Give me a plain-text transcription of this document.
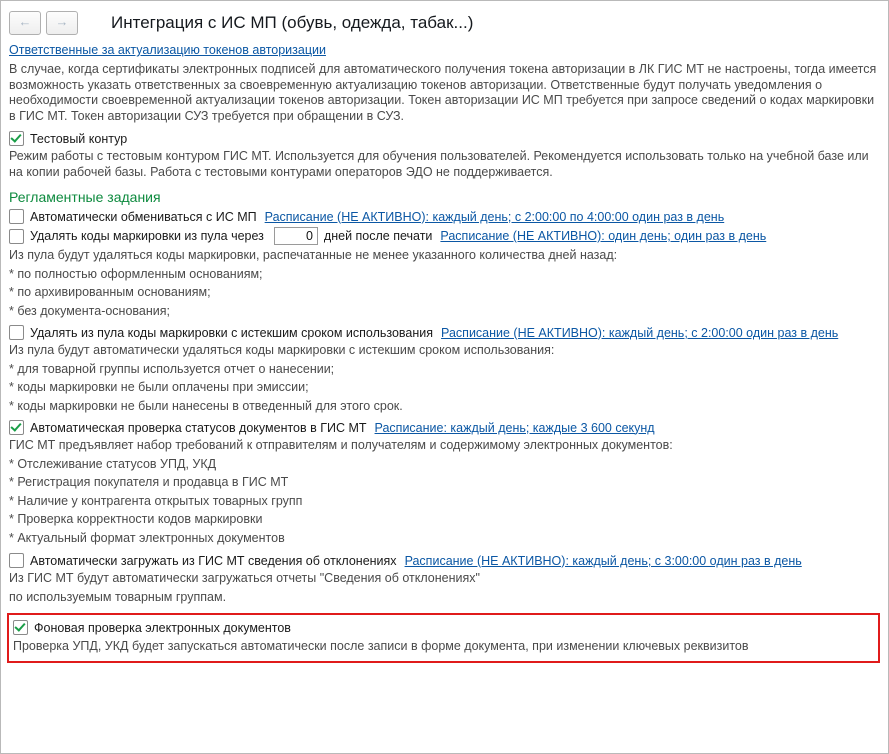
←	→	Интеграция с ИС МП (обувь, одежда, табак...)
Ответственные за актуализацию токенов авторизации
В случае, когда сертификаты электронных подписей для автоматического получения токена авторизации в ЛК ГИС МТ не настроены, тогда имеется возможность указать ответственных за своевременную актуализацию токенов авторизации. Ответственные будут получать уведомления о необходимости своевременной актуализации токенов авторизации. Токен авторизации ИС МП требуется при запросе сведений о кодах маркировки в ГИС МТ. Токен авторизации СУЗ требуется при обращении в СУЗ.
Тестовый контур
Режим работы с тестовым контуром ГИС МТ. Используется для обучения пользователей. Рекомендуется использовать только на учебной базе или на копии рабочей базы. Работа с тестовыми контурами операторов ЭДО не поддерживается.
Регламентные задания
Автоматически обмениваться с ИС МП Расписание (НЕ АКТИВНО): каждый день; с 2:00:00 по 4:00:00 один раз в день
Удалять коды маркировки из пула через
0	дней после печати Расписание (НЕ АКТИВНО): один день; один раз в день
Из пула будут удаляться коды маркировки, распечатанные не менее указанного количества дней назад:
* по полностью оформленным основаниям;
* по архивированным основаниям;
* без документа-основания;
Удалять из пула коды маркировки с истекшим сроком использования Расписание (НЕ АКТИВНО): каждый день; с 2:00:00 один раз в день
Из пула будут автоматически удаляться коды маркировки с истекшим сроком использования:
* для товарной группы используется отчет о нанесении;
* коды маркировки не были оплачены при эмиссии;
* коды маркировки не были нанесены в отведенный для этого срок.
Автоматическая проверка статусов документов в ГИС МТ Расписание: каждый день; каждые 3 600 секунд
ГИС МТ предъявляет набор требований к отправителям и получателям и содержимому электронных документов:
* Отслеживание статусов УПД, УКД
* Регистрация покупателя и продавца в ГИС МТ
* Наличие у контрагента открытых товарных групп
* Проверка корректности кодов маркировки
* Актуальный формат электронных документов
Автоматически загружать из ГИС МТ сведения об отклонениях Расписание (НЕ АКТИВНО): каждый день; с 3:00:00 один раз в день
Из ГИС МТ будут автоматически загружаться отчеты "Сведения об отклонениях"
по используемым товарным группам.
Фоновая проверка электронных документов
Проверка УПД, УКД будет запускаться автоматически после записи в форме документа, при изменении ключевых реквизитов
